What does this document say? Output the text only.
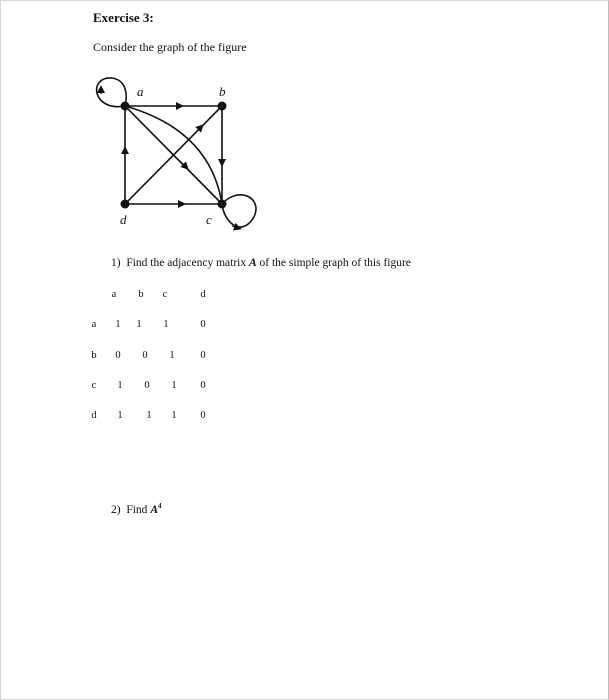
Exercise 3:
Consider the graph of the figure
a	b
c
d
1) Find the adjacency matrix A of the simple graph of this figure
a	b	c	d
a	1	1	1	0
b	0	0	1	0
c	1	0	1	0
d	1	1	1	0
2) Find $A^4$
